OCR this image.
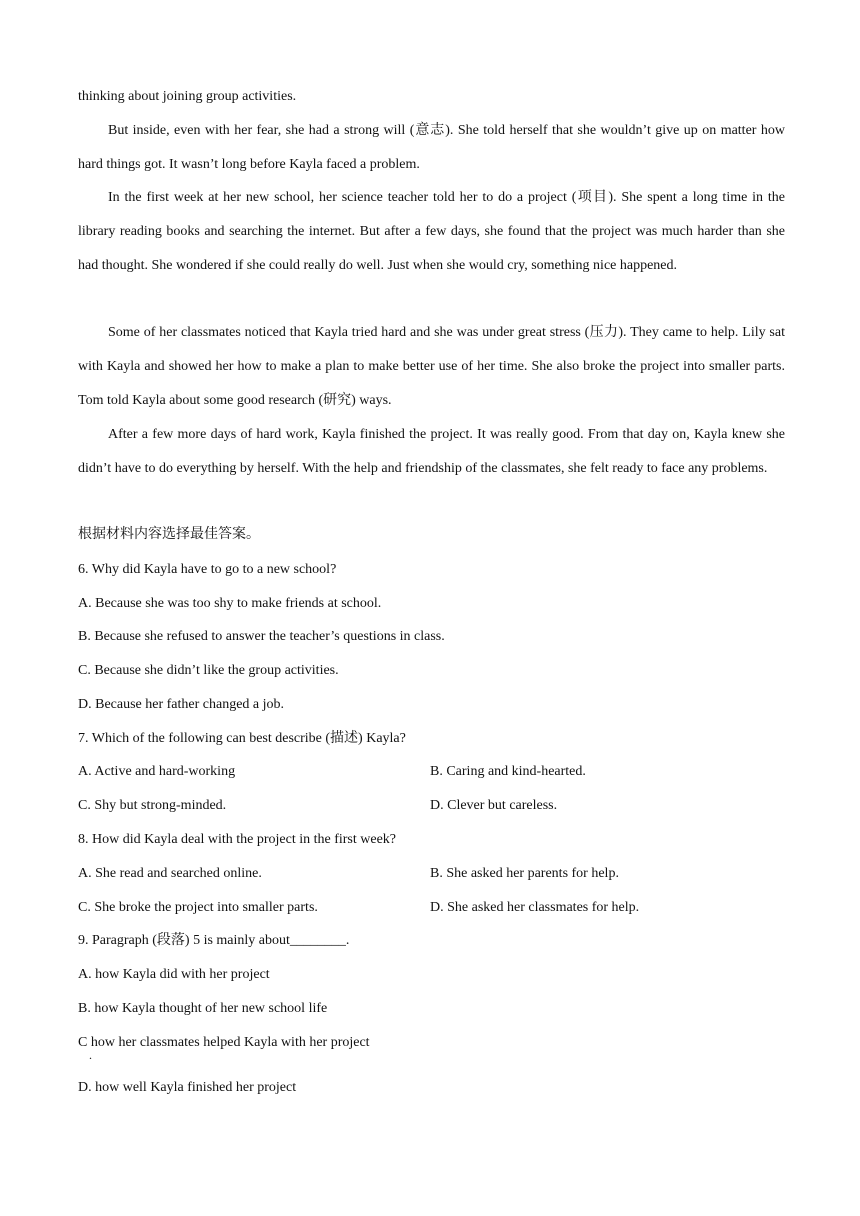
thinking about joining group activities.

But inside, even with her fear, she had a strong will (意志). She told herself that she wouldn’t give up on matter how hard things got. It wasn’t long before Kayla faced a problem.

In the first week at her new school, her science teacher told her to do a project (项目). She spent a long time in the library reading books and searching the internet. But after a few days, she found that the project was much harder than she had thought. She wondered if she could really do well. Just when she would cry, something nice happened.

Some of her classmates noticed that Kayla tried hard and she was under great stress (压力). They came to help. Lily sat with Kayla and showed her how to make a plan to make better use of her time. She also broke the project into smaller parts. Tom told Kayla about some good research (研究) ways.

After a few more days of hard work, Kayla finished the project. It was really good. From that day on, Kayla knew she didn’t have to do everything by herself. With the help and friendship of the classmates, she felt ready to face any problems.

根据材料内容选择最佳答案。

6. Why did Kayla have to go to a new school?

A. Because she was too shy to make friends at school.

B. Because she refused to answer the teacher’s questions in class.

C. Because she didn’t like the group activities.

D. Because her father changed a job.

7. Which of the following can best describe (描述) Kayla?

A. Active and hard-working	B. Caring and kind-hearted.

C. Shy but strong-minded.	D. Clever but careless.

8. How did Kayla deal with the project in the first week?

A. She read and searched online.	B. She asked her parents for help.

C. She broke the project into smaller parts.	D. She asked her classmates for help.

9. Paragraph (段落) 5 is mainly about________.

A. how Kayla did with her project

B. how Kayla thought of her new school life

C how her classmates helped Kayla with her project

.

D. how well Kayla finished her project
